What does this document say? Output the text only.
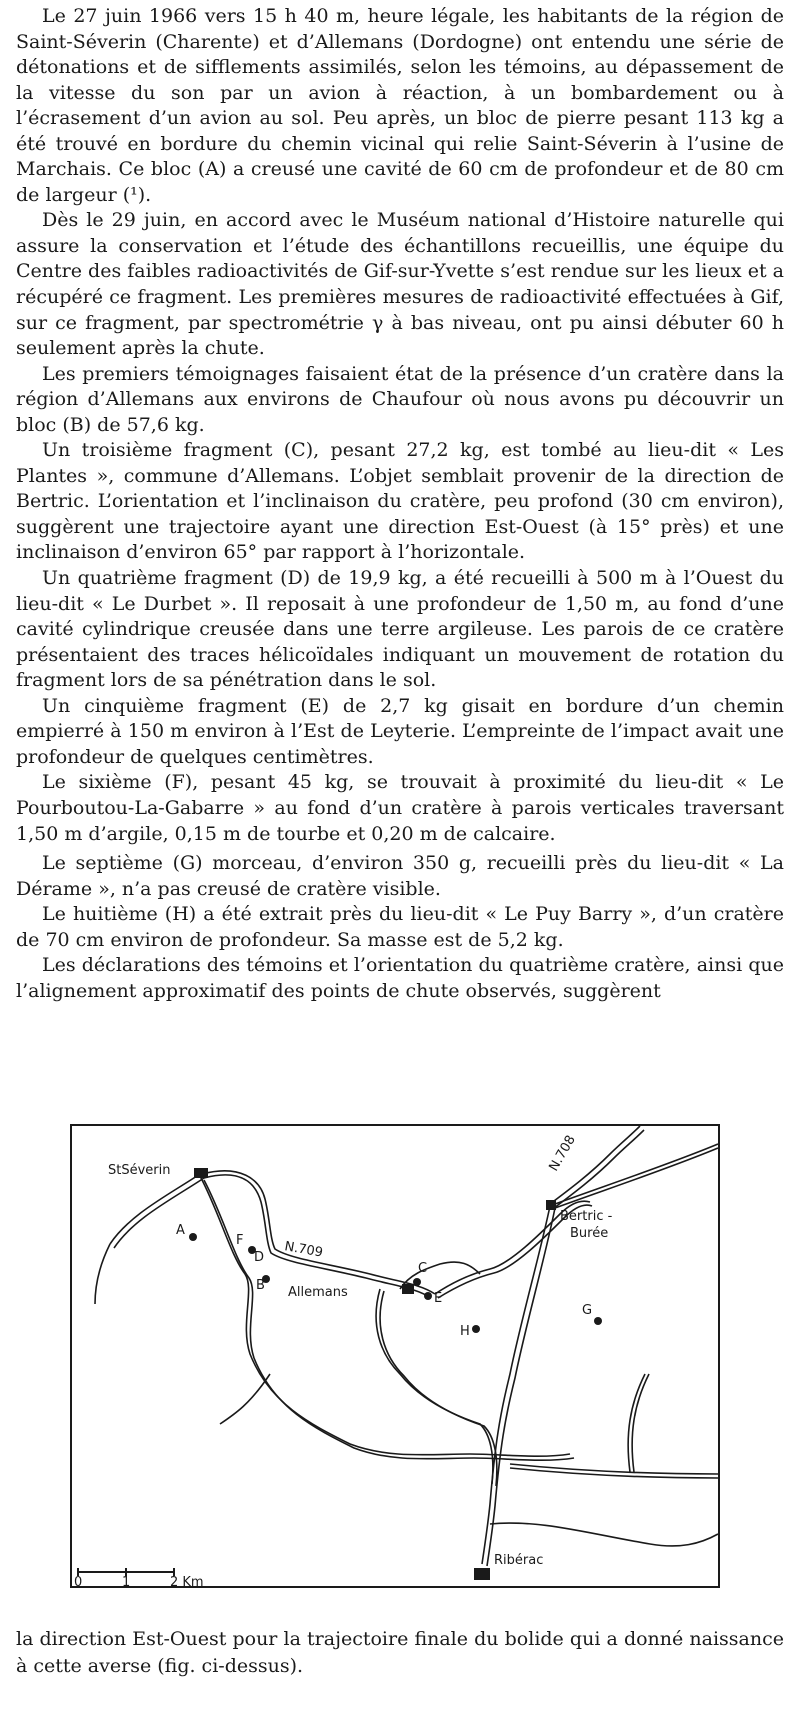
Le 27 juin 1966 vers 15 h 40 m, heure légale, les habitants de la région de Saint-Séverin (Charente) et d’Allemans (Dordogne) ont entendu une série de détonations et de sifflements assimilés, selon les témoins, au dépassement de la vitesse du son par un avion à réaction, à un bombardement ou à l’écrasement d’un avion au sol. Peu après, un bloc de pierre pesant 113 kg a été trouvé en bordure du chemin vicinal qui relie Saint-Séverin à l’usine de Marchais. Ce bloc (A) a creusé une cavité de 60 cm de profondeur et de 80 cm de largeur (¹).

Dès le 29 juin, en accord avec le Muséum national d’Histoire naturelle qui assure la conservation et l’étude des échantillons recueillis, une équipe du Centre des faibles radioactivités de Gif-sur-Yvette s’est rendue sur les lieux et a récupéré ce fragment. Les premières mesures de radioactivité effectuées à Gif, sur ce fragment, par spectrométrie γ à bas niveau, ont pu ainsi débuter 60 h seulement après la chute.

Les premiers témoignages faisaient état de la présence d’un cratère dans la région d’Allemans aux environs de Chaufour où nous avons pu découvrir un bloc (B) de 57,6 kg.

Un troisième fragment (C), pesant 27,2 kg, est tombé au lieu-dit « Les Plantes », commune d’Allemans. L’objet semblait provenir de la direction de Bertric. L’orientation et l’inclinaison du cratère, peu profond (30 cm environ), suggèrent une trajectoire ayant une direction Est-Ouest (à 15° près) et une inclinaison d’environ 65° par rapport à l’horizontale.

Un quatrième fragment (D) de 19,9 kg, a été recueilli à 500 m à l’Ouest du lieu-dit « Le Durbet ». Il reposait à une profondeur de 1,50 m, au fond d’une cavité cylindrique creusée dans une terre argileuse. Les parois de ce cratère présentaient des traces hélicoïdales indiquant un mouvement de rotation du fragment lors de sa pénétration dans le sol.

Un cinquième fragment (E) de 2,7 kg gisait en bordure d’un chemin empierré à 150 m environ à l’Est de Leyterie. L’empreinte de l’impact avait une profondeur de quelques centimètres.

Le sixième (F), pesant 45 kg, se trouvait à proximité du lieu-dit « Le Pourboutou-La-Gabarre » au fond d’un cratère à parois verticales traversant 1,50 m d’argile, 0,15 m de tourbe et 0,20 m de calcaire.

Le septième (G) morceau, d’environ 350 g, recueilli près du lieu-dit « La Dérame », n’a pas creusé de cratère visible.

Le huitième (H) a été extrait près du lieu-dit « Le Puy Barry », d’un cratère de 70 cm environ de profondeur. Sa masse est de 5,2 kg.

Les déclarations des témoins et l’orientation du quatrième cratère, ainsi que l’alignement approximatif des points de chute observés, suggèrent

StSéverin
Allemans
Bertric -
Burée
Ribérac
N.709
N.708
A
B
C
D
E
F
G
H
0	1	2 Km

la direction Est-Ouest pour la trajectoire finale du bolide qui a donné naissance à cette averse (fig. ci-dessus).
